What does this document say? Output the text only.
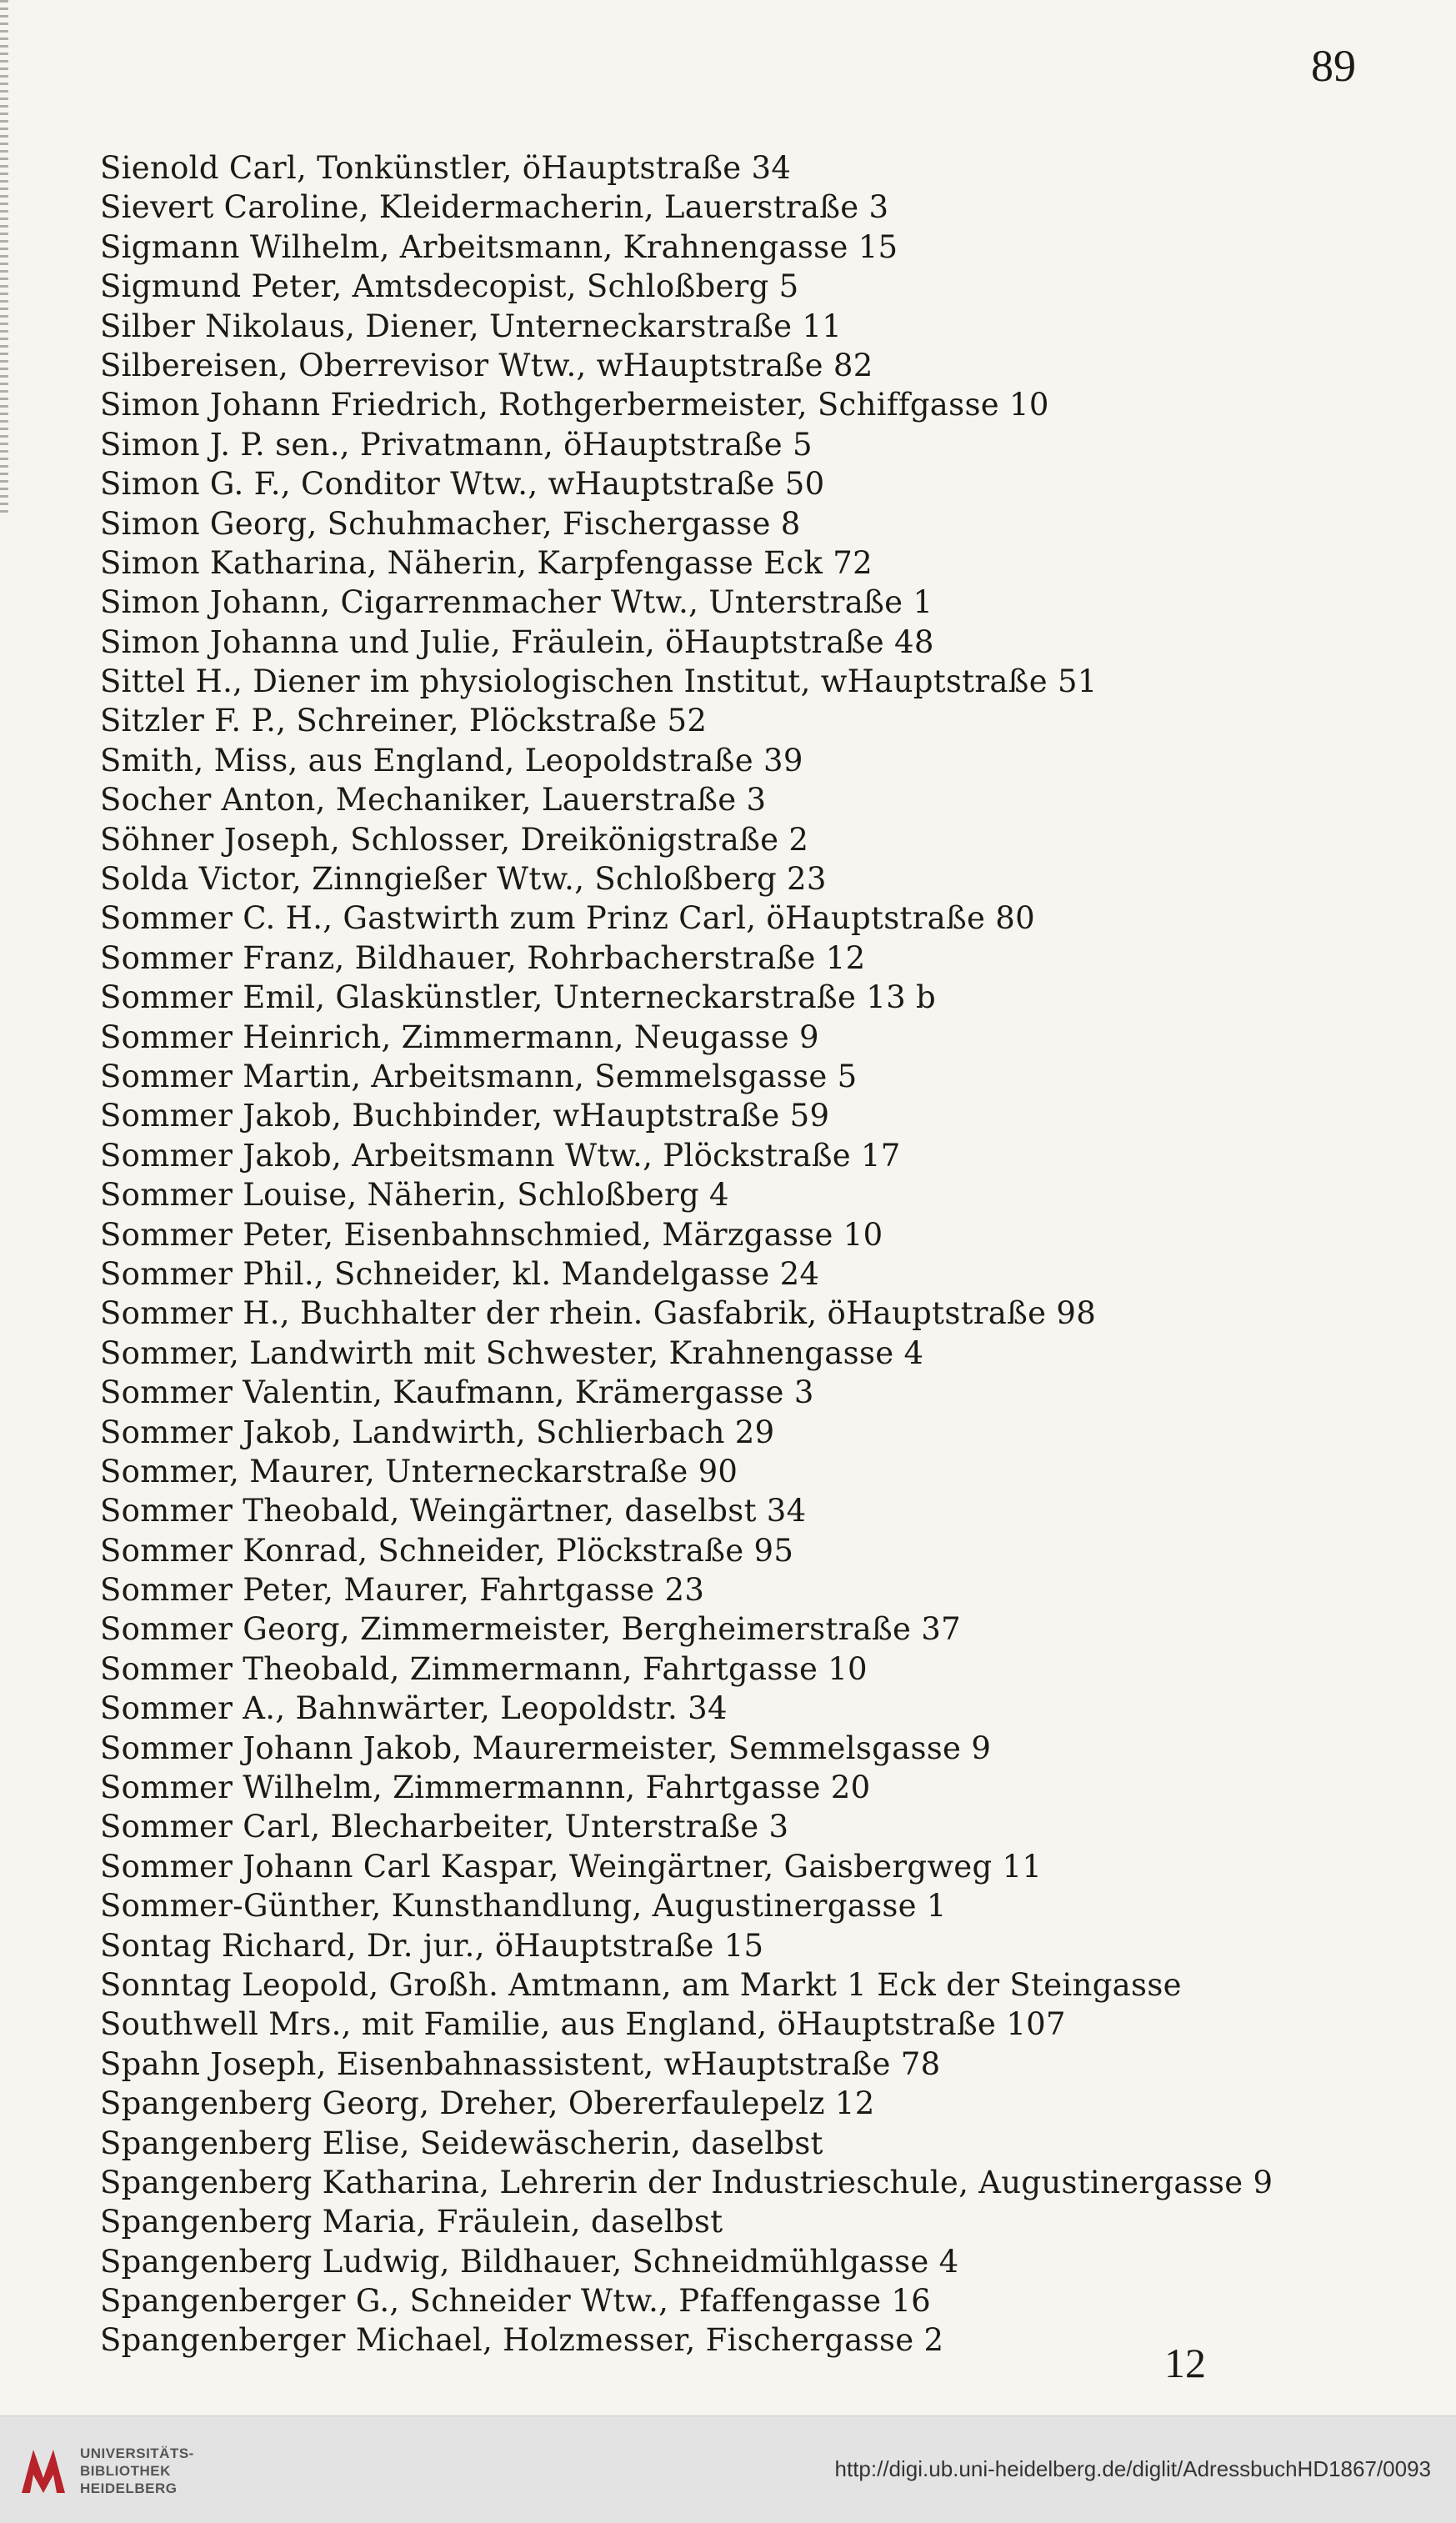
89
Sienold Carl, Tonkünstler, öHauptstraße 34
Sievert Caroline, Kleidermacherin, Lauerstraße 3
Sigmann Wilhelm, Arbeitsmann, Krahnengasse 15
Sigmund Peter, Amtsdecopist, Schloßberg 5
Silber Nikolaus, Diener, Unterneckarstraße 11
Silbereisen, Oberrevisor Wtw., wHauptstraße 82
Simon Johann Friedrich, Rothgerbermeister, Schiffgasse 10
Simon J. P. sen., Privatmann, öHauptstraße 5
Simon G. F., Conditor Wtw., wHauptstraße 50
Simon Georg, Schuhmacher, Fischergasse 8
Simon Katharina, Näherin, Karpfengasse Eck 72
Simon Johann, Cigarrenmacher Wtw., Unterstraße 1
Simon Johanna und Julie, Fräulein, öHauptstraße 48
Sittel H., Diener im physiologischen Institut, wHauptstraße 51
Sitzler F. P., Schreiner, Plöckstraße 52
Smith, Miss, aus England, Leopoldstraße 39
Socher Anton, Mechaniker, Lauerstraße 3
Söhner Joseph, Schlosser, Dreikönigstraße 2
Solda Victor, Zinngießer Wtw., Schloßberg 23
Sommer C. H., Gastwirth zum Prinz Carl, öHauptstraße 80
Sommer Franz, Bildhauer, Rohrbacherstraße 12
Sommer Emil, Glaskünstler, Unterneckarstraße 13 b
Sommer Heinrich, Zimmermann, Neugasse 9
Sommer Martin, Arbeitsmann, Semmelsgasse 5
Sommer Jakob, Buchbinder, wHauptstraße 59
Sommer Jakob, Arbeitsmann Wtw., Plöckstraße 17
Sommer Louise, Näherin, Schloßberg 4
Sommer Peter, Eisenbahnschmied, Märzgasse 10
Sommer Phil., Schneider, kl. Mandelgasse 24
Sommer H., Buchhalter der rhein. Gasfabrik, öHauptstraße 98
Sommer, Landwirth mit Schwester, Krahnengasse 4
Sommer Valentin, Kaufmann, Krämergasse 3
Sommer Jakob, Landwirth, Schlierbach 29
Sommer, Maurer, Unterneckarstraße 90
Sommer Theobald, Weingärtner, daselbst 34
Sommer Konrad, Schneider, Plöckstraße 95
Sommer Peter, Maurer, Fahrtgasse 23
Sommer Georg, Zimmermeister, Bergheimerstraße 37
Sommer Theobald, Zimmermann, Fahrtgasse 10
Sommer A., Bahnwärter, Leopoldstr. 34
Sommer Johann Jakob, Maurermeister, Semmelsgasse 9
Sommer Wilhelm, Zimmermannn, Fahrtgasse 20
Sommer Carl, Blecharbeiter, Unterstraße 3
Sommer Johann Carl Kaspar, Weingärtner, Gaisbergweg 11
Sommer-Günther, Kunsthandlung, Augustinergasse 1
Sontag Richard, Dr. jur., öHauptstraße 15
Sonntag Leopold, Großh. Amtmann, am Markt 1 Eck der Steingasse
Southwell Mrs., mit Familie, aus England, öHauptstraße 107
Spahn Joseph, Eisenbahnassistent, wHauptstraße 78
Spangenberg Georg, Dreher, Obererfaulepelz 12
Spangenberg Elise, Seidewäscherin, daselbst
Spangenberg Katharina, Lehrerin der Industrieschule, Augustinergasse 9
Spangenberg Maria, Fräulein, daselbst
Spangenberg Ludwig, Bildhauer, Schneidmühlgasse 4
Spangenberger G., Schneider Wtw., Pfaffengasse 16
Spangenberger Michael, Holzmesser, Fischergasse 2	12
UNIVERSITÄTS-
BIBLIOTHEK
HEIDELBERG
http://digi.ub.uni-heidelberg.de/diglit/AdressbuchHD1867/0093
